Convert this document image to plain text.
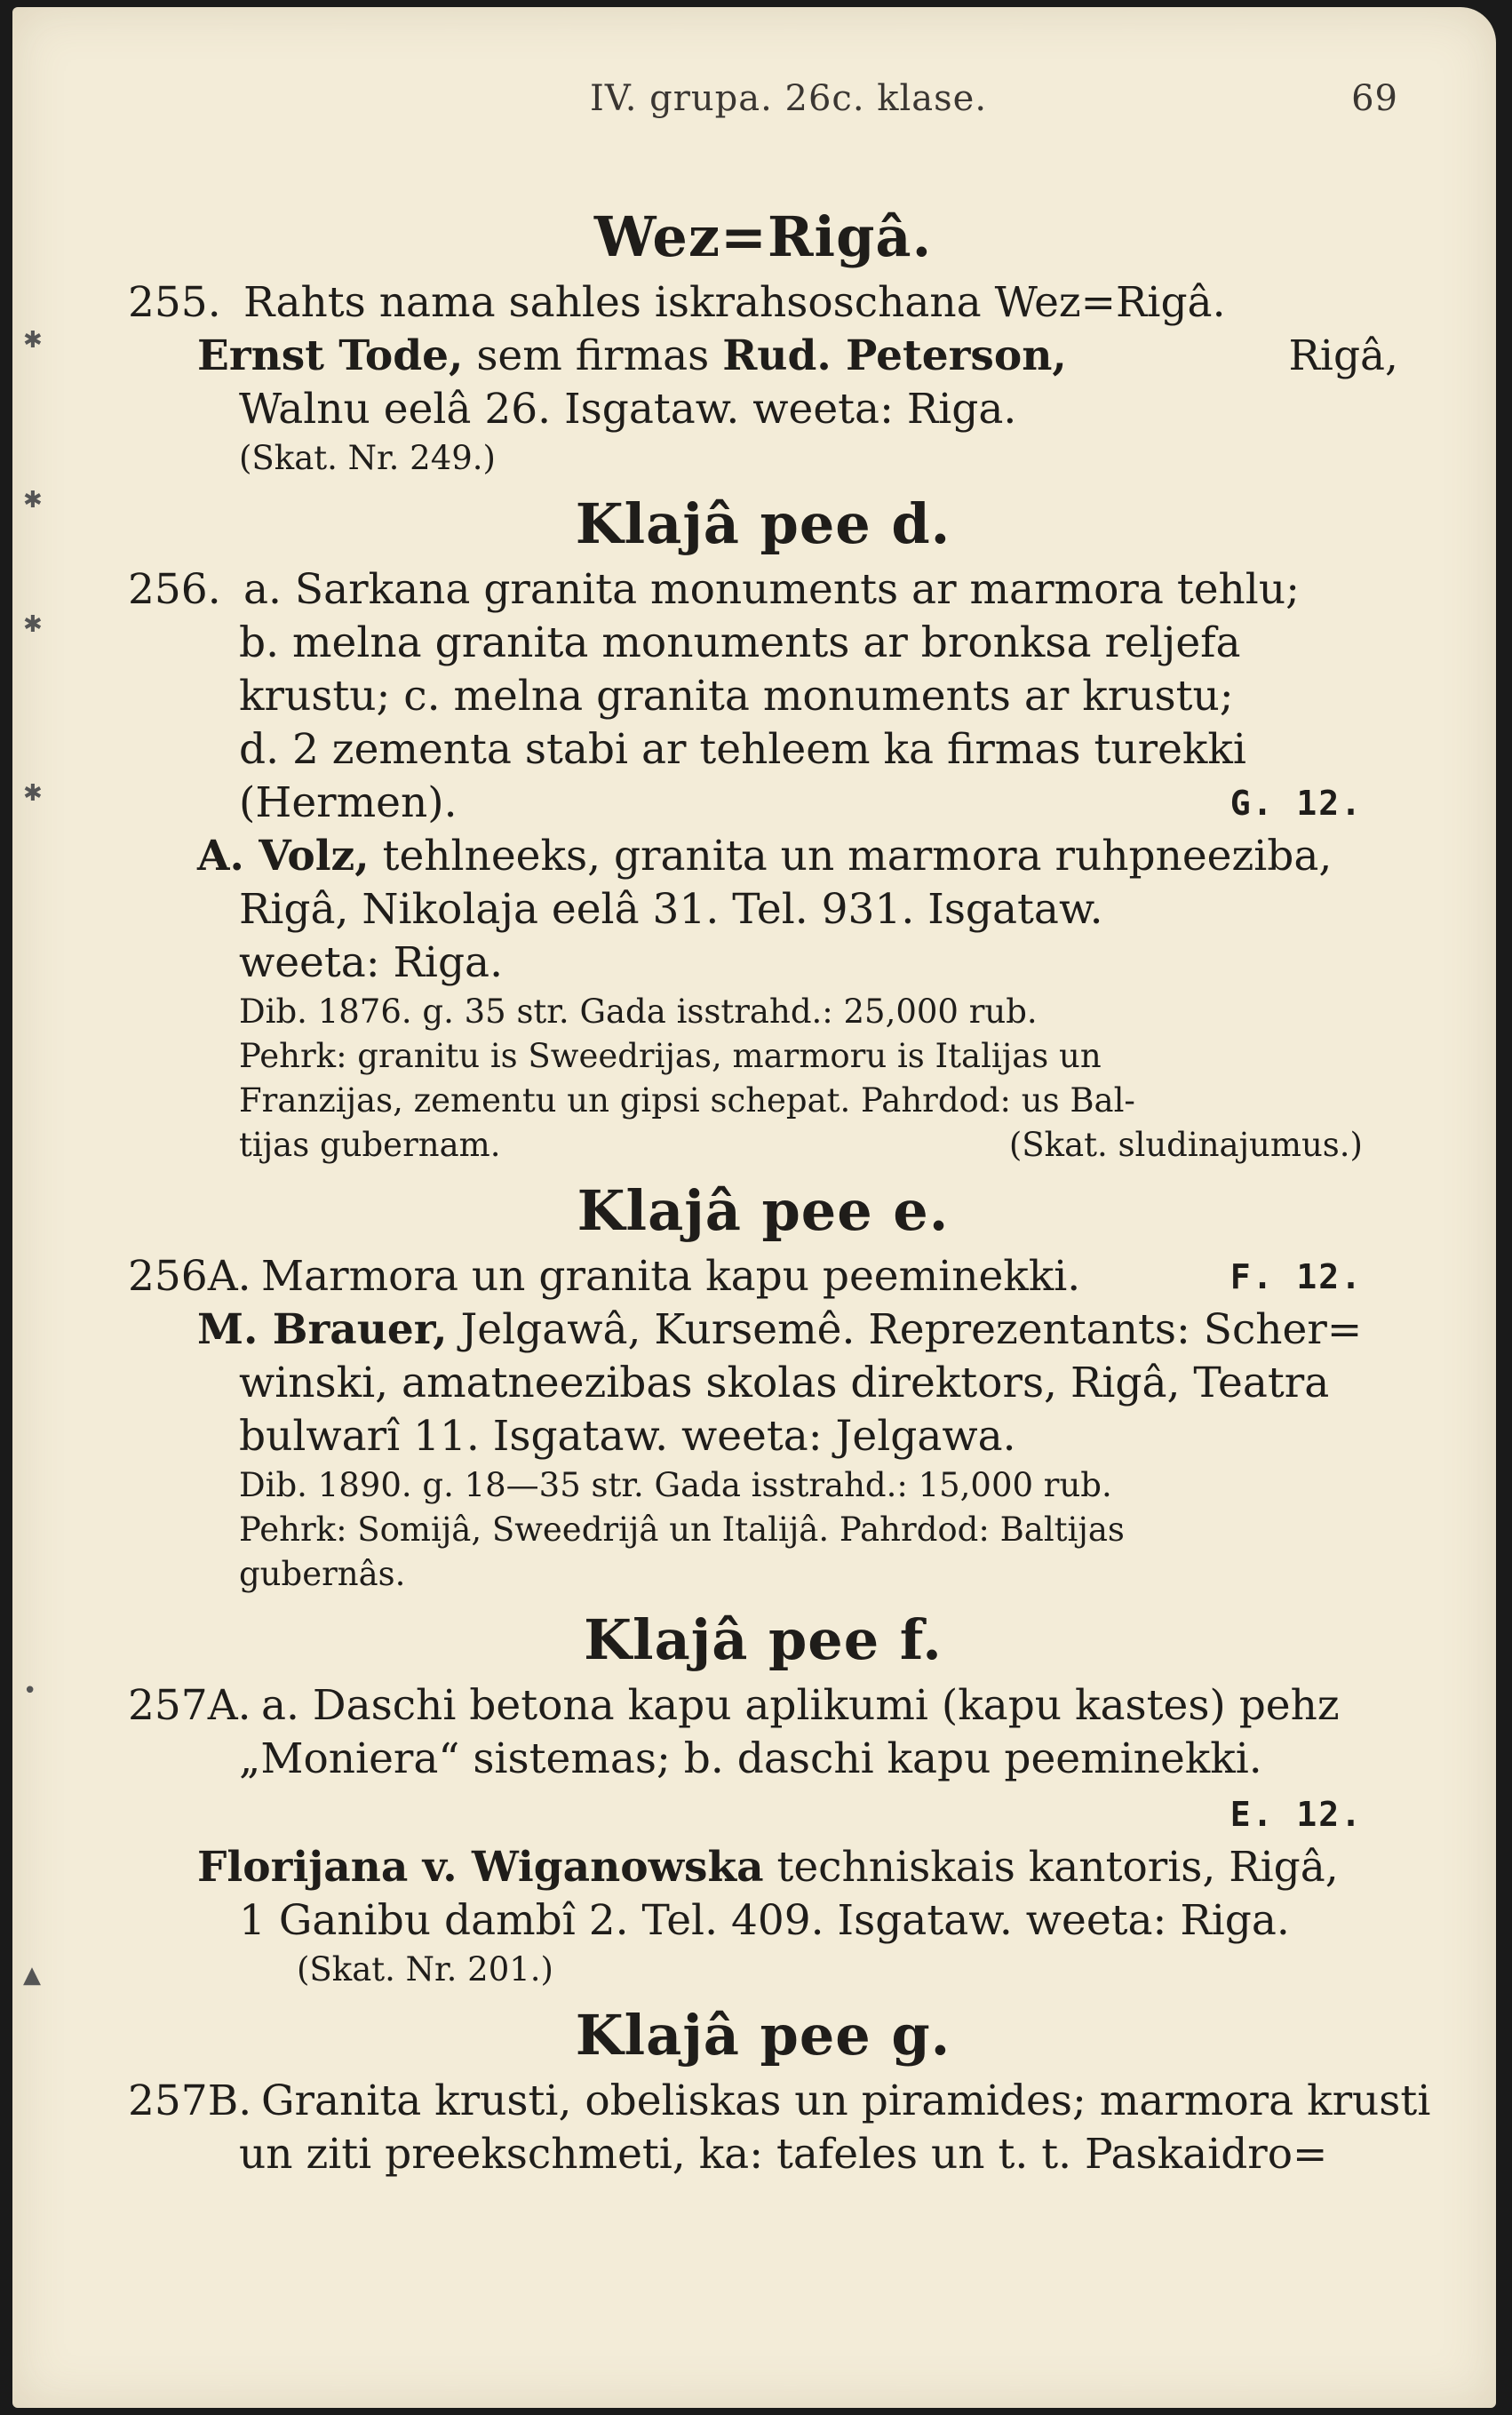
✱
✱
✱
✱
•
▲
IV. grupa. 26c. klase.	69
Wez=Rigâ.
255. Rahts nama sahles iskrahsoschana Wez=Rigâ.
Ernst Tode, sem firmas Rud. Peterson,	Rigâ,
Walnu eelâ 26. Isgataw. weeta: Riga.
(Skat. Nr. 249.)
Klajâ pee d.
256. a. Sarkana granita monuments ar marmora tehlu;
b. melna granita monuments ar bronksa reljefa
krustu; c. melna granita monuments ar krustu;
d. 2 zementa stabi ar tehleem ka firmas turekki
(Hermen).	G. 12.
A. Volz, tehlneeks, granita un marmora ruhpneeziba,
Rigâ, Nikolaja eelâ 31. Tel. 931. Isgataw.
weeta: Riga.
Dib. 1876. g. 35 str. Gada isstrahd.: 25,000 rub.
Pehrk: granitu is Sweedrijas, marmoru is Italijas un
Franzijas, zementu un gipsi schepat. Pahrdod: us Bal-
tijas gubernam.	(Skat. sludinajumus.)
Klajâ pee e.
256A. Marmora un granita kapu peeminekki.	F. 12.
M. Brauer, Jelgawâ, Kursemê. Reprezentants: Scher=
winski, amatneezibas skolas direktors, Rigâ, Teatra
bulwarî 11. Isgataw. weeta: Jelgawa.
Dib. 1890. g. 18—35 str. Gada isstrahd.: 15,000 rub.
Pehrk: Somijâ, Sweedrijâ un Italijâ. Pahrdod: Baltijas
gubernâs.
Klajâ pee f.
257A. a. Daschi betona kapu aplikumi (kapu kastes) pehz
„Moniera“ sistemas; b. daschi kapu peeminekki.
E. 12.
Florijana v. Wiganowska techniskais kantoris, Rigâ,
1 Ganibu dambî 2. Tel. 409. Isgataw. weeta: Riga.
(Skat. Nr. 201.)
Klajâ pee g.
257B. Granita krusti, obeliskas un piramides; marmora krusti
un ziti preekschmeti, ka: tafeles un t. t. Paskaidro=
